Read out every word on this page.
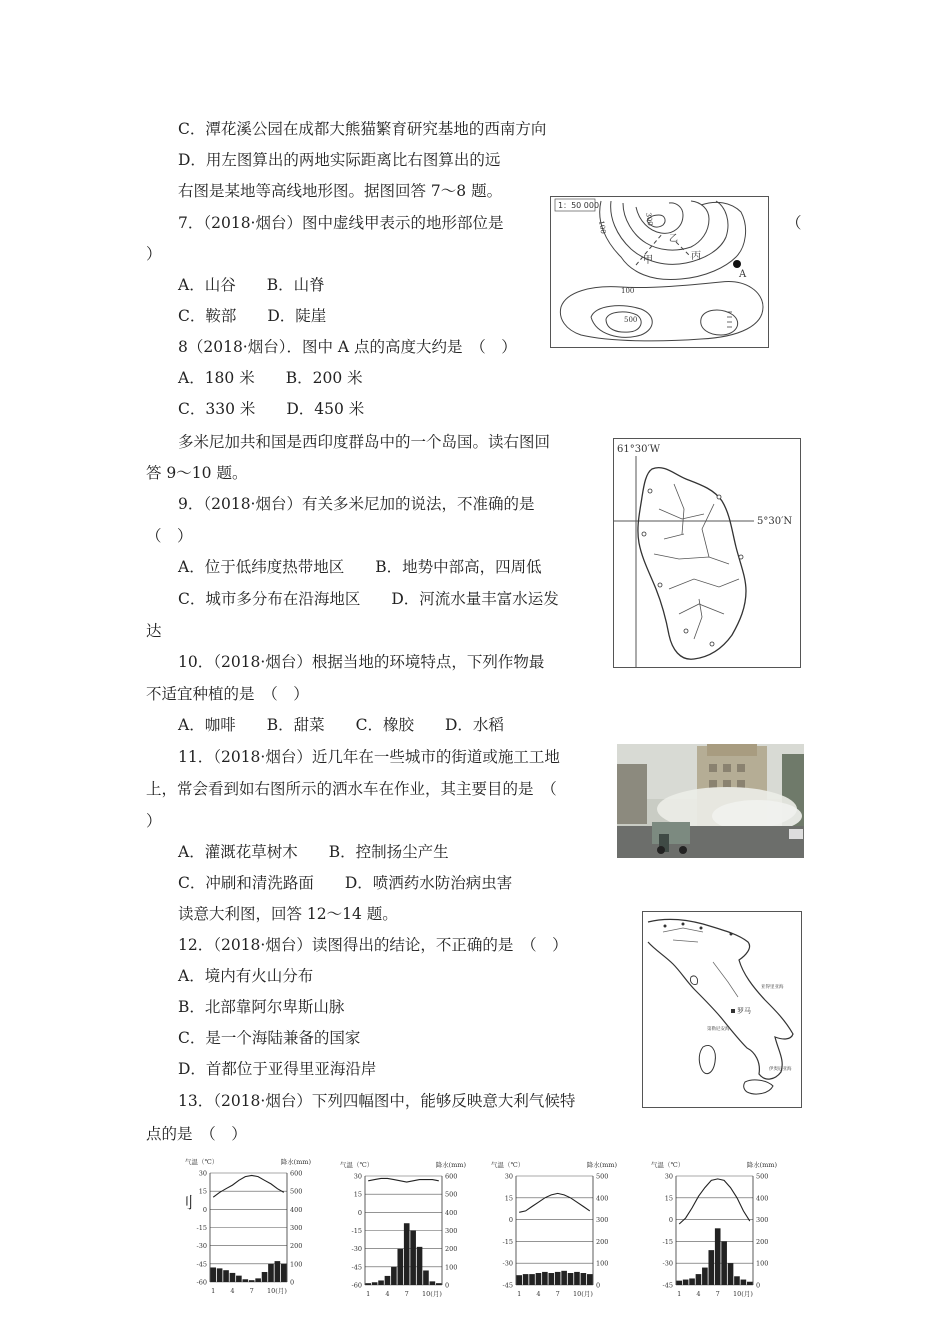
C．潭花溪公园在成都大熊猫繁育研究基地的西南方向
D．用左图算出的两地实际距离比右图算出的远
右图是某地等高线地形图。据图回答 7～8 题。
7．（2018·烟台）图中虚线甲表示的地形部位是	（
）
A．山谷　　B．山脊
C．鞍部　　D．陡崖
8（2018·烟台）．图中 A 点的高度大约是　（　）
A．180 米　　B．200 米
C．330 米　　D．450 米
多米尼加共和国是西印度群岛中的一个岛国。读右图回
答 9～10 题。
9．（2018·烟台）有关多米尼加的说法，不准确的是
（　）
A．位于低纬度热带地区　　B．地势中部高，四周低
C．城市多分布在沿海地区　　D．河流水量丰富水运发
达
10．（2018·烟台）根据当地的环境特点，下列作物最
不适宜种植的是　（　）
A．咖啡　　B．甜菜　　C．橡胶　　D．水稻
11．（2018·烟台）近几年在一些城市的街道或施工工地
上，常会看到如右图所示的洒水车在作业，其主要目的是　（
）
A．灌溉花草树木　　B．控制扬尘产生
C．冲刷和清洗路面　　D．喷洒药水防治病虫害
读意大利图，回答 12～14 题。
12．（2018·烟台）读图得出的结论，不正确的是　（　）
A．境内有火山分布
B．北部靠阿尔卑斯山脉
C．是一个海陆兼备的国家
D．首都位于亚得里亚海沿岸
13．（2018·烟台）下列四幅图中，能够反映意大利气候特
点的是　（　）
刂
1：50 000
甲
乙
丙
A
100
300
100
500
61°30′W
5°30′N
罗马
亚得里亚海
第勒尼安海
伊奥尼亚海
气温（℃）	降水(mm)
30	600
15	500
0	400
-15	300
-30	200
-45	100
-60	0
1 4 7 10(月)
气温（℃）	降水(mm)
30	600
15	500
0	400
-15	300
-30	200
-45	100
-60	0
1 4 7 10(月)
气温（℃）	降水(mm)
30	500
15	400
0	300
-15	200
-30	100
-45	0
1 4 7 10(月)
气温（℃）	降水(mm)
30	500
15	400
0	300
-15	200
-30	100
-45	0
1 4 7 10(月)
